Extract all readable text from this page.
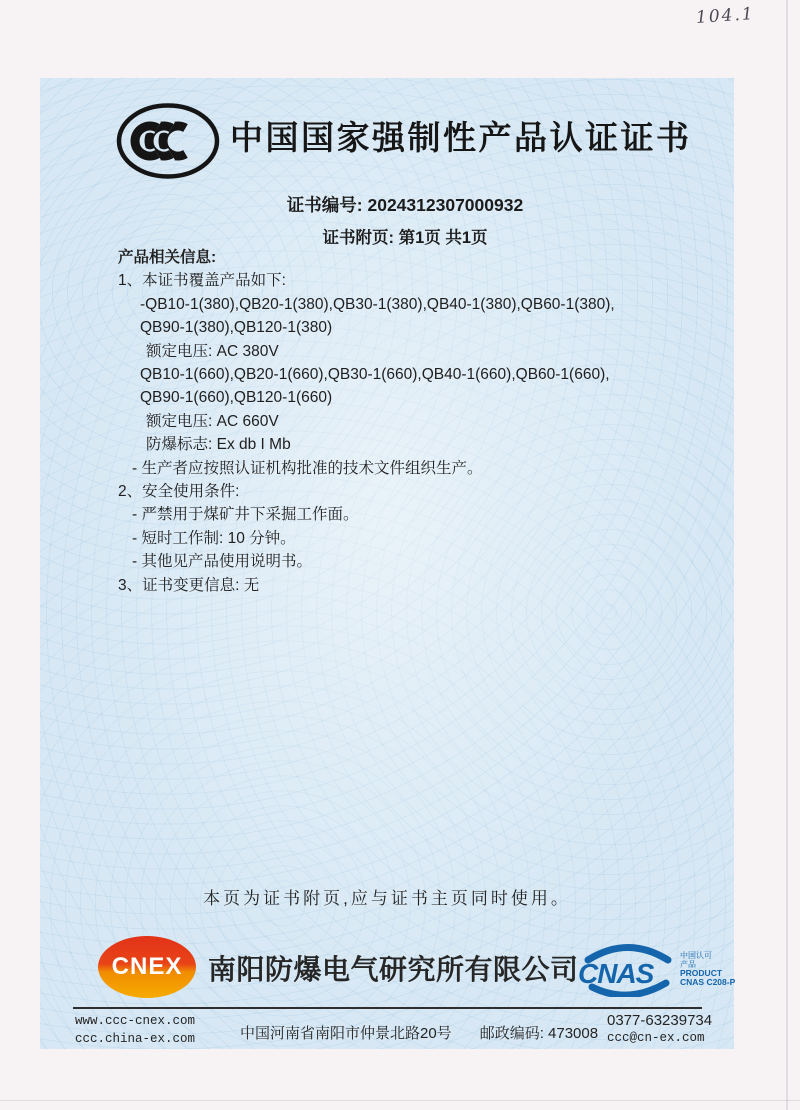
104.1
中国国家强制性产品认证证书
证书编号: 2024312307000932
证书附页: 第1页 共1页
产品相关信息:
1、本证书覆盖产品如下:
-QB10-1(380),QB20-1(380),QB30-1(380),QB40-1(380),QB60-1(380),
QB90-1(380),QB120-1(380)
额定电压: AC 380V
QB10-1(660),QB20-1(660),QB30-1(660),QB40-1(660),QB60-1(660),
QB90-1(660),QB120-1(660)
额定电压: AC 660V
防爆标志: Ex db I Mb
- 生产者应按照认证机构批准的技术文件组织生产。
2、安全使用条件:
- 严禁用于煤矿井下采掘工作面。
- 短时工作制: 10 分钟。
- 其他见产品使用说明书。
3、证书变更信息: 无
本页为证书附页,应与证书主页同时使用。
CNEX 南阳防爆电气研究所有限公司 CNAS
中国认可
产品
PRODUCT
CNAS C208-P
www.ccc-cnex.com
ccc.china-ex.com	中国河南省南阳市仲景北路20号 邮政编码: 473008
0377-63239734
ccc@cn-ex.com
